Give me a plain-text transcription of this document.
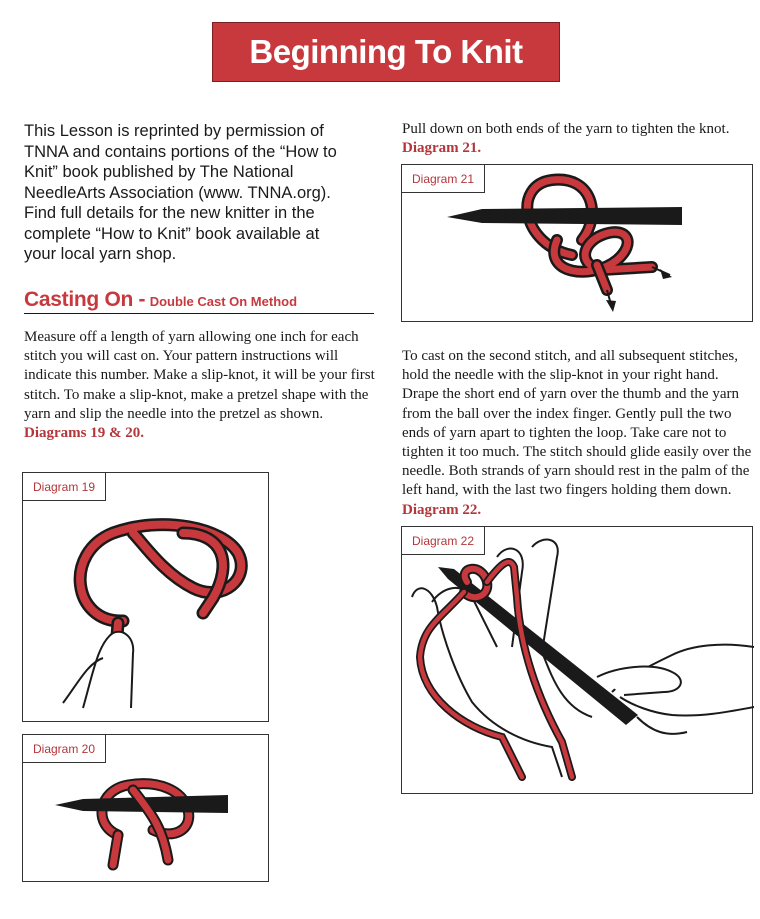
Beginning To Knit

This Lesson is reprinted by permission of TNNA and contains portions of the “How to Knit” book published by The National NeedleArts Association (www. TNNA.org). Find full details for the new knitter in the complete “How to Knit” book available at your local yarn shop.

Casting On - Double Cast On Method

Measure off a length of yarn allowing one inch for each stitch you will cast on. Your pattern instructions will indicate this number. Make a slip-knot, it will be your first stitch. To make a slip-knot, make a pretzel shape with the yarn and slip the needle into the pretzel as shown. Diagrams 19 & 20.

Pull down on both ends of the yarn to tighten the knot.
Diagram 21.

To cast on the second stitch, and all subsequent stitches, hold the needle with the slip-knot in your right hand. Drape the short end of yarn over the thumb and the yarn from the ball over the index finger. Gently pull the two ends of yarn apart to tighten the loop. Take care not to tighten it too much. The stitch should glide easily over the needle. Both strands of yarn should rest in the palm of the left hand, with the last two fingers holding them down. Diagram 22.

Diagram 19
Diagram 20
Diagram 21
Diagram 22
